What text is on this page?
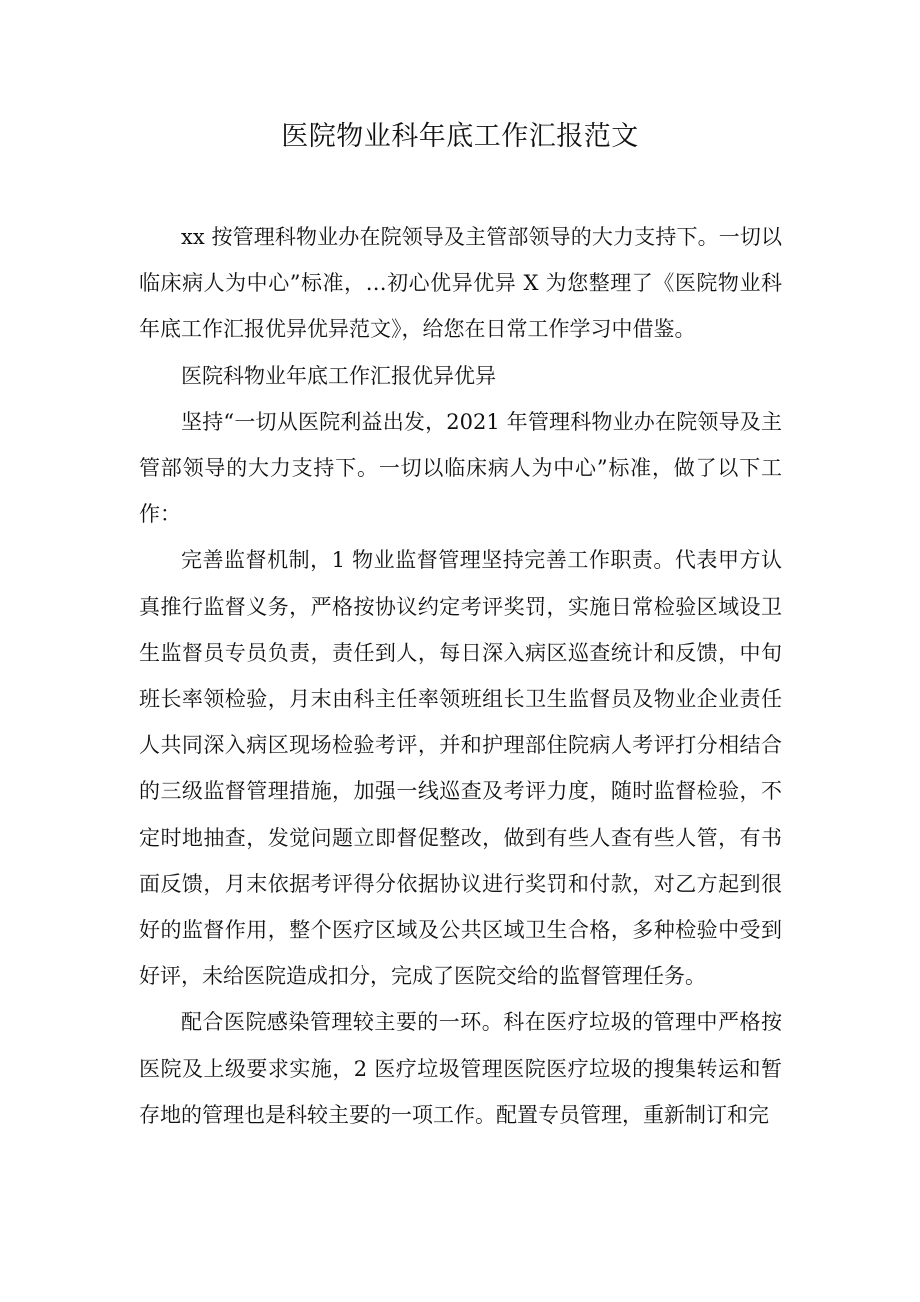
医院物业科年底工作汇报范文

xx 按管理科物业办在院领导及主管部领导的大力支持下。一切以临床病人为中心”标准，…初心优异优异 X 为您整理了《医院物业科年底工作汇报优异优异范文》，给您在日常工作学习中借鉴。

医院科物业年底工作汇报优异优异

坚持“一切从医院利益出发，2021 年管理科物业办在院领导及主管部领导的大力支持下。一切以临床病人为中心”标准，做了以下工作：

完善监督机制，1 物业监督管理坚持完善工作职责。代表甲方认真推行监督义务，严格按协议约定考评奖罚，实施日常检验区域设卫生监督员专员负责，责任到人，每日深入病区巡查统计和反馈，中旬班长率领检验，月末由科主任率领班组长卫生监督员及物业企业责任人共同深入病区现场检验考评，并和护理部住院病人考评打分相结合的三级监督管理措施，加强一线巡查及考评力度，随时监督检验，不定时地抽查，发觉问题立即督促整改，做到有些人查有些人管，有书面反馈，月末依据考评得分依据协议进行奖罚和付款，对乙方起到很好的监督作用，整个医疗区域及公共区域卫生合格，多种检验中受到好评，未给医院造成扣分，完成了医院交给的监督管理任务。

配合医院感染管理较主要的一环。科在医疗垃圾的管理中严格按医院及上级要求实施，2 医疗垃圾管理医院医疗垃圾的搜集转运和暂存地的管理也是科较主要的一项工作。配置专员管理，重新制订和完
